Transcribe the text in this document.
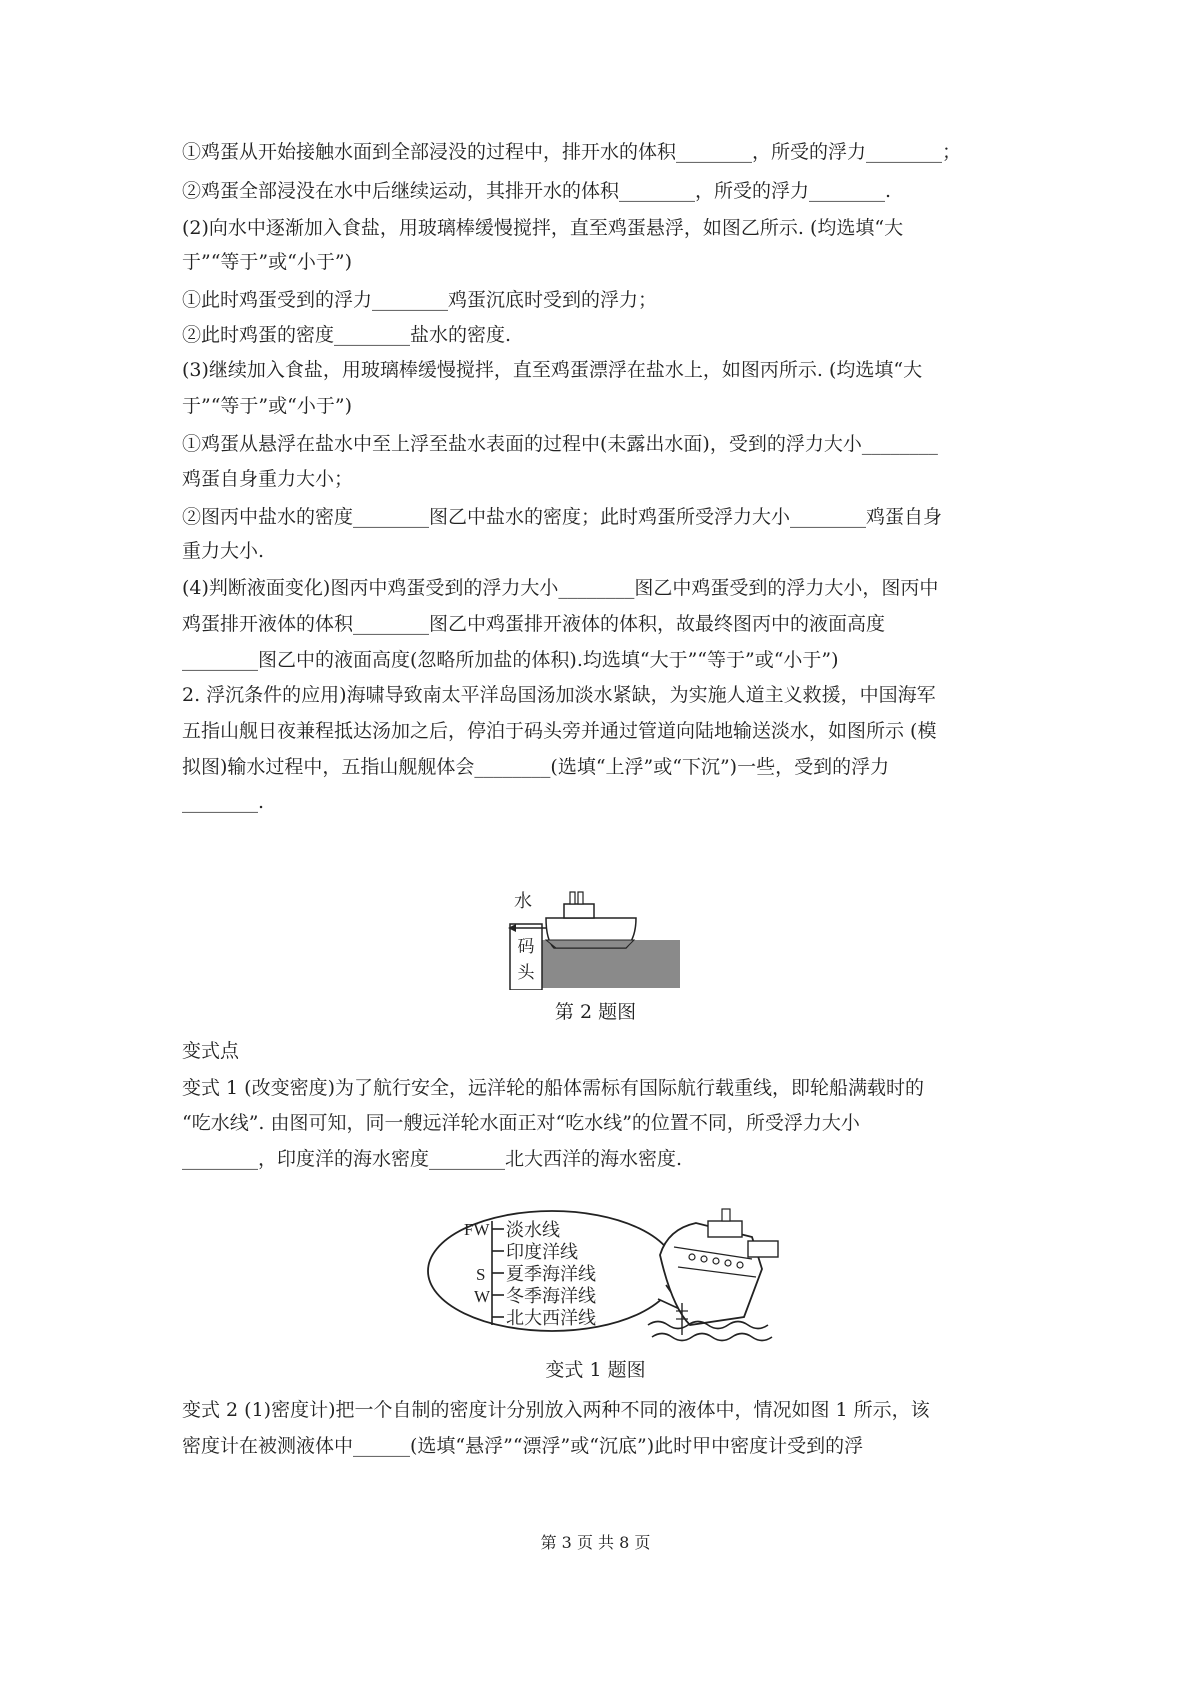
①鸡蛋从开始接触水面到全部浸没的过程中，排开水的体积________，所受的浮力________；
②鸡蛋全部浸没在水中后继续运动，其排开水的体积________，所受的浮力________.
(2)向水中逐渐加入食盐，用玻璃棒缓慢搅拌，直至鸡蛋悬浮，如图乙所示. (均选填“大
于”“等于”或“小于”)
①此时鸡蛋受到的浮力________鸡蛋沉底时受到的浮力；
②此时鸡蛋的密度________盐水的密度.
(3)继续加入食盐，用玻璃棒缓慢搅拌，直至鸡蛋漂浮在盐水上，如图丙所示. (均选填“大
于”“等于”或“小于”)
①鸡蛋从悬浮在盐水中至上浮至盐水表面的过程中(未露出水面)，受到的浮力大小________
鸡蛋自身重力大小；
②图丙中盐水的密度________图乙中盐水的密度；此时鸡蛋所受浮力大小________鸡蛋自身
重力大小.
(4)判断液面变化)图丙中鸡蛋受到的浮力大小________图乙中鸡蛋受到的浮力大小，图丙中
鸡蛋排开液体的体积________图乙中鸡蛋排开液体的体积，故最终图丙中的液面高度
________图乙中的液面高度(忽略所加盐的体积).均选填“大于”“等于”或“小于”)
2. 浮沉条件的应用)海啸导致南太平洋岛国汤加淡水紧缺，为实施人道主义救援，中国海军
五指山舰日夜兼程抵达汤加之后，停泊于码头旁并通过管道向陆地输送淡水，如图所示 (模
拟图)输水过程中，五指山舰舰体会________(选填“上浮”或“下沉”)一些，受到的浮力
________.
码
头
水
第 2 题图
变式点
变式 1 (改变密度)为了航行安全，远洋轮的船体需标有国际航行载重线，即轮船满载时的
“吃水线”. 由图可知，同一艘远洋轮水面正对“吃水线”的位置不同，所受浮力大小
________，印度洋的海水密度________北大西洋的海水密度.
FW
S
W
淡水线
印度洋线
夏季海洋线
冬季海洋线
北大西洋线
变式 1 题图
变式 2 (1)密度计)把一个自制的密度计分别放入两种不同的液体中，情况如图 1 所示，该
密度计在被测液体中______(选填“悬浮”“漂浮”或“沉底”)此时甲中密度计受到的浮
第 3 页 共 8 页
